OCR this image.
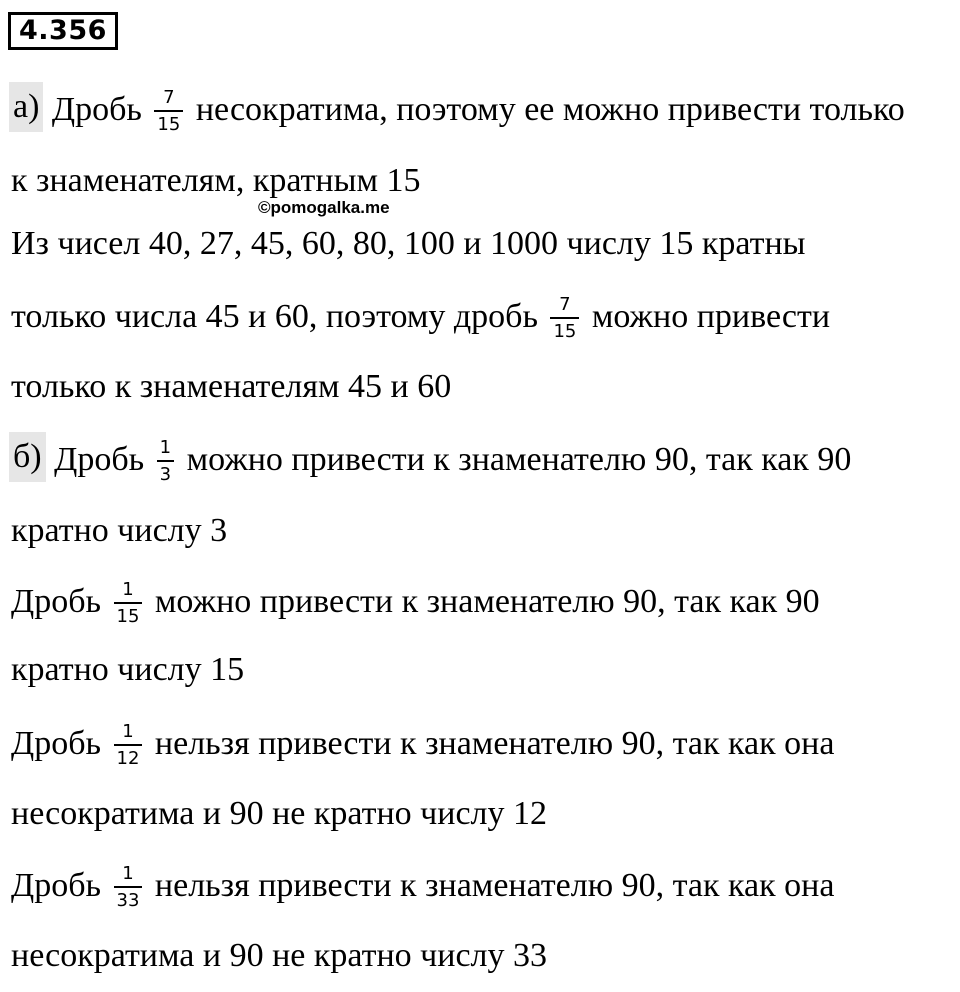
4.356
©pomogalka.me
а) Дробь $\frac{7}{15}$ несократима, поэтому ее можно привести только
к знаменателям, кратным 15
Из чисел 40, 27, 45, 60, 80, 100 и 1000 числу 15 кратны
только числа 45 и 60, поэтому дробь $\frac{7}{15}$ можно привести
только к знаменателям 45 и 60
б) Дробь $\frac{1}{3}$ можно привести к знаменателю 90, так как 90
кратно числу 3
Дробь $\frac{1}{15}$ можно привести к знаменателю 90, так как 90
кратно числу 15
Дробь $\frac{1}{12}$ нельзя привести к знаменателю 90, так как она
несократима и 90 не кратно числу 12
Дробь $\frac{1}{33}$ нельзя привести к знаменателю 90, так как она
несократима и 90 не кратно числу 33
